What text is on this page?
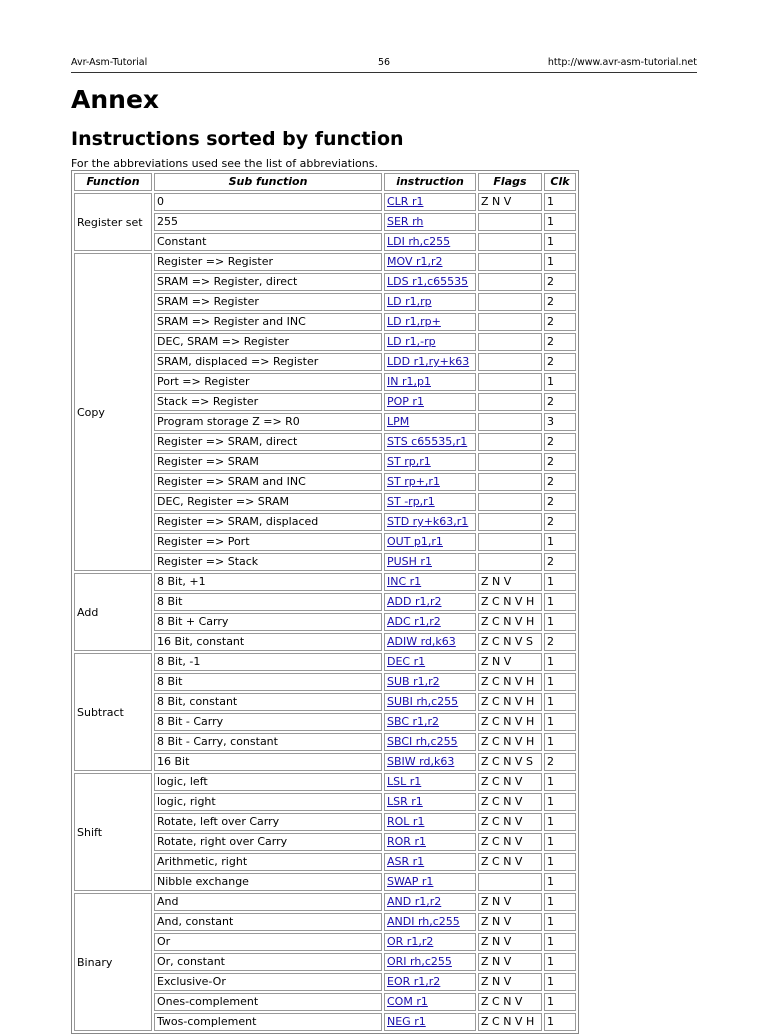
Avr-Asm-Tutorial	56	http://www.avr-asm-tutorial.net
Annex
Instructions sorted by function
For the abbreviations used see the list of abbreviations.
Function	Sub function	instruction	Flags	Clk
Register set	0	CLR r1	Z N V	1
	255	SER rh		1
	Constant	LDI rh,c255		1
Copy	Register => Register	MOV r1,r2		1
	SRAM => Register, direct	LDS r1,c65535		2
	SRAM => Register	LD r1,rp		2
	SRAM => Register and INC	LD r1,rp+		2
	DEC, SRAM => Register	LD r1,-rp		2
	SRAM, displaced => Register	LDD r1,ry+k63		2
	Port => Register	IN r1,p1		1
	Stack => Register	POP r1		2
	Program storage Z => R0	LPM		3
	Register => SRAM, direct	STS c65535,r1		2
	Register => SRAM	ST rp,r1		2
	Register => SRAM and INC	ST rp+,r1		2
	DEC, Register => SRAM	ST -rp,r1		2
	Register => SRAM, displaced	STD ry+k63,r1		2
	Register => Port	OUT p1,r1		1
	Register => Stack	PUSH r1		2
Add	8 Bit, +1	INC r1	Z N V	1
	8 Bit	ADD r1,r2	Z C N V H	1
	8 Bit + Carry	ADC r1,r2	Z C N V H	1
	16 Bit, constant	ADIW rd,k63	Z C N V S	2
Subtract	8 Bit, -1	DEC r1	Z N V	1
	8 Bit	SUB r1,r2	Z C N V H	1
	8 Bit, constant	SUBI rh,c255	Z C N V H	1
	8 Bit - Carry	SBC r1,r2	Z C N V H	1
	8 Bit - Carry, constant	SBCI rh,c255	Z C N V H	1
	16 Bit	SBIW rd,k63	Z C N V S	2
Shift	logic, left	LSL r1	Z C N V	1
	logic, right	LSR r1	Z C N V	1
	Rotate, left over Carry	ROL r1	Z C N V	1
	Rotate, right over Carry	ROR r1	Z C N V	1
	Arithmetic, right	ASR r1	Z C N V	1
	Nibble exchange	SWAP r1		1
Binary	And	AND r1,r2	Z N V	1
	And, constant	ANDI rh,c255	Z N V	1
	Or	OR r1,r2	Z N V	1
	Or, constant	ORI rh,c255	Z N V	1
	Exclusive-Or	EOR r1,r2	Z N V	1
	Ones-complement	COM r1	Z C N V	1
	Twos-complement	NEG r1	Z C N V H	1
